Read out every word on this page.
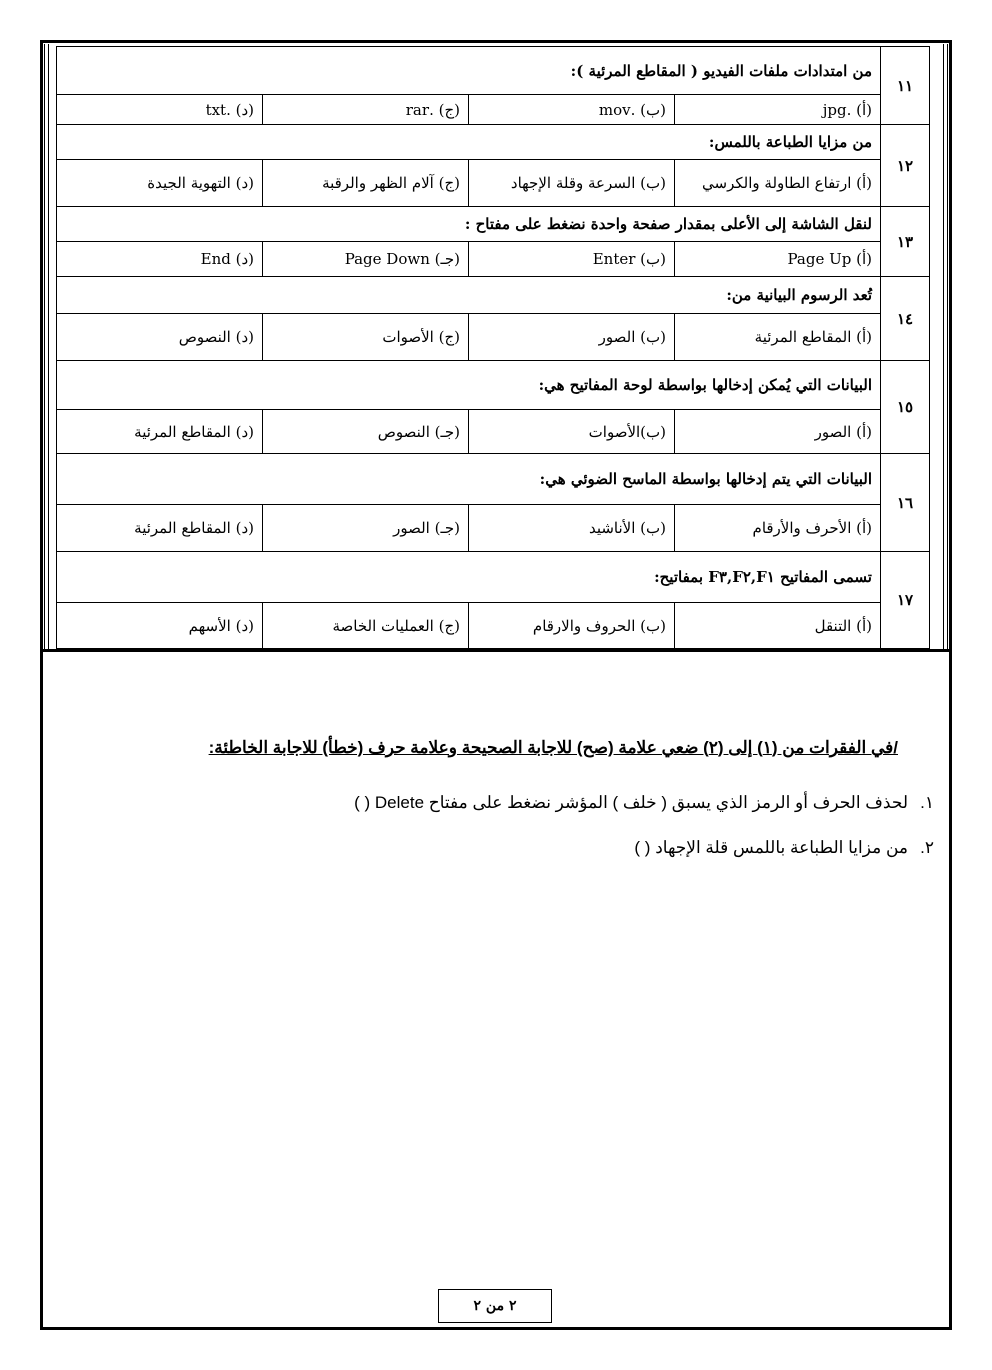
١١	من امتدادات ملفات الفيديو ( المقاطع المرئية ):			
	(أ) .jpg	(ب) .mov	(ج) .rar	(د) .txt
١٢	من مزايا الطباعة باللمس:			
	(أ) ارتفاع الطاولة والكرسي	(ب) السرعة وقلة الإجهاد	(ج) آلام الظهر والرقبة	(د) التهوية الجيدة
١٣	لنقل الشاشة إلى الأعلى بمقدار صفحة واحدة نضغط على مفتاح :			
	(أ) Page Up	(ب) Enter	(جـ) Page Down	(د) End
١٤	تُعد الرسوم البيانية من:			
	(أ) المقاطع المرئية	(ب) الصور	(ج) الأصوات	(د) النصوص
١٥	البيانات التي يُمكن إدخالها بواسطة لوحة المفاتيح هي:			
	(أ) الصور	(ب)الأصوات	(جـ) النصوص	(د) المقاطع المرئية
١٦	البيانات التي يتم إدخالها بواسطة الماسح الضوئي هي:			
	(أ) الأحرف والأرقام	(ب) الأناشيد	(جـ) الصور	(د) المقاطع المرئية
١٧	تسمى المفاتيح F١,F٢,F٣ بمفاتيح:			
	(أ) التنقل	(ب) الحروف والارقام	(ج) العمليات الخاصة	(د) الأسهم
/في الفقرات من (١) إلى (٢) ضعي علامة (صح) للاجابة الصحيحة وعلامة حرف (خطأ) للاجابة الخاطئة:
١.لحذف الحرف أو الرمز الذي يسبق ( خلف ) المؤشر نضغط على مفتاح Delete ( )
٢.من مزايا الطباعة باللمس قلة الإجهاد ( )
٢ من ٢
